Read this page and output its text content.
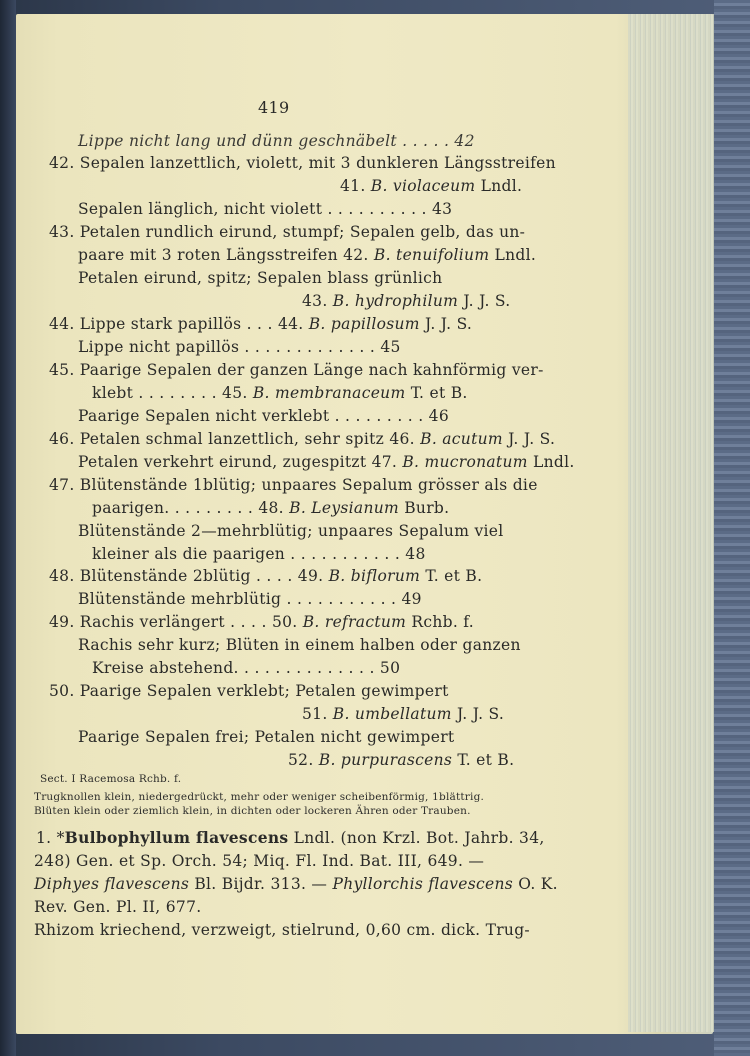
419
Lippe nicht lang und dünn geschnäbelt . . . . . 42
42. Sepalen lanzettlich, violett, mit 3 dunkleren Längsstreifen
41. B. violaceum Lndl.
Sepalen länglich, nicht violett . . . . . . . . . . 43
43. Petalen rundlich eirund, stumpf; Sepalen gelb, das un-
paare mit 3 roten Längsstreifen 42. B. tenuifolium Lndl.
Petalen eirund, spitz; Sepalen blass grünlich
43. B. hydrophilum J. J. S.
44. Lippe stark papillös . . . 44. B. papillosum J. J. S.
Lippe nicht papillös . . . . . . . . . . . . . 45
45. Paarige Sepalen der ganzen Länge nach kahnförmig ver-
klebt . . . . . . . . 45. B. membranaceum T. et B.
Paarige Sepalen nicht verklebt . . . . . . . . . 46
46. Petalen schmal lanzettlich, sehr spitz 46. B. acutum J. J. S.
Petalen verkehrt eirund, zugespitzt 47. B. mucronatum Lndl.
47. Blütenstände 1blütig; unpaares Sepalum grösser als die
paarigen. . . . . . . . . 48. B. Leysianum Burb.
Blütenstände 2—mehrblütig; unpaares Sepalum viel
kleiner als die paarigen . . . . . . . . . . . 48
48. Blütenstände 2blütig . . . . 49. B. biflorum T. et B.
Blütenstände mehrblütig . . . . . . . . . . . 49
49. Rachis verlängert . . . . 50. B. refractum Rchb. f.
Rachis sehr kurz; Blüten in einem halben oder ganzen
Kreise abstehend. . . . . . . . . . . . . . 50
50. Paarige Sepalen verklebt; Petalen gewimpert
51. B. umbellatum J. J. S.
Paarige Sepalen frei; Petalen nicht gewimpert
52. B. purpurascens T. et B.
Sect. I Racemosa Rchb. f.
Trugknollen klein, niedergedrückt, mehr oder weniger scheibenförmig, 1blättrig.
Blüten klein oder ziemlich klein, in dichten oder lockeren Ähren oder Trauben.
1. *Bulbophyllum flavescens Lndl. (non Krzl. Bot. Jahrb. 34,
248) Gen. et Sp. Orch. 54; Miq. Fl. Ind. Bat. III, 649. —
Diphyes flavescens Bl. Bijdr. 313. — Phyllorchis flavescens O. K.
Rev. Gen. Pl. II, 677.
Rhizom kriechend, verzweigt, stielrund, 0,60 cm. dick. Trug-
